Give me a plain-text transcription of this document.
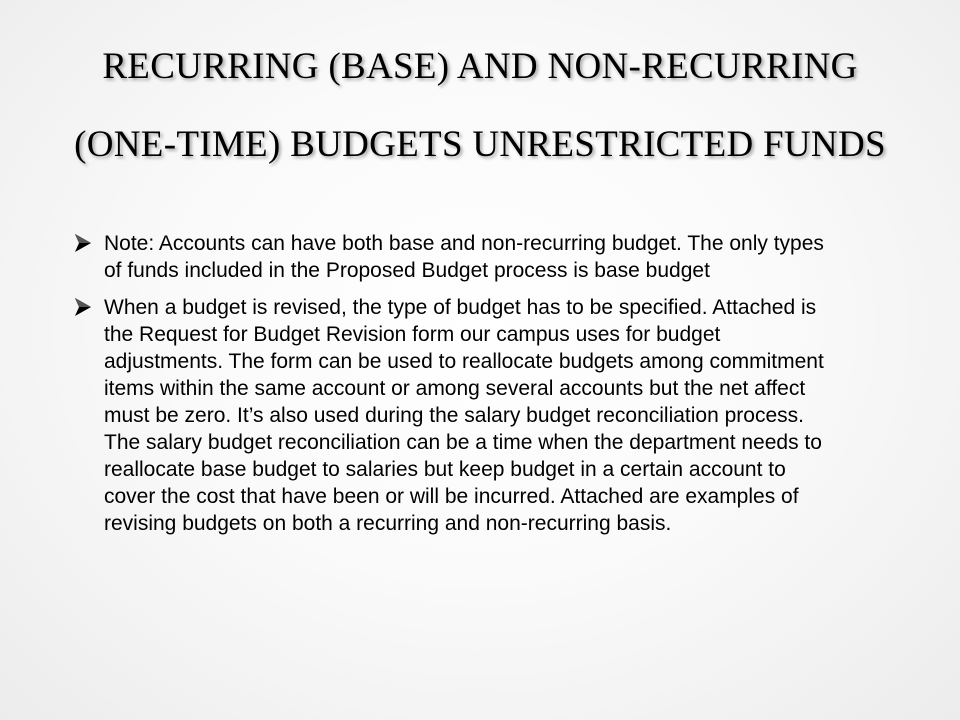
RECURRING (BASE) AND NON-RECURRING
(ONE-TIME) BUDGETS UNRESTRICTED FUNDS
Note: Accounts can have both base and non-recurring budget. The only types of funds included in the Proposed Budget process is base budget
When a budget is revised, the type of budget has to be specified. Attached is the Request for Budget Revision form our campus uses for budget adjustments. The form can be used to reallocate budgets among commitment items within the same account or among several accounts but the net affect must be zero. It’s also used during the salary budget reconciliation process. The salary budget reconciliation can be a time when the department needs to reallocate base budget to salaries but keep budget in a certain account to cover the cost that have been or will be incurred. Attached are examples of revising budgets on both a recurring and non-recurring basis.
